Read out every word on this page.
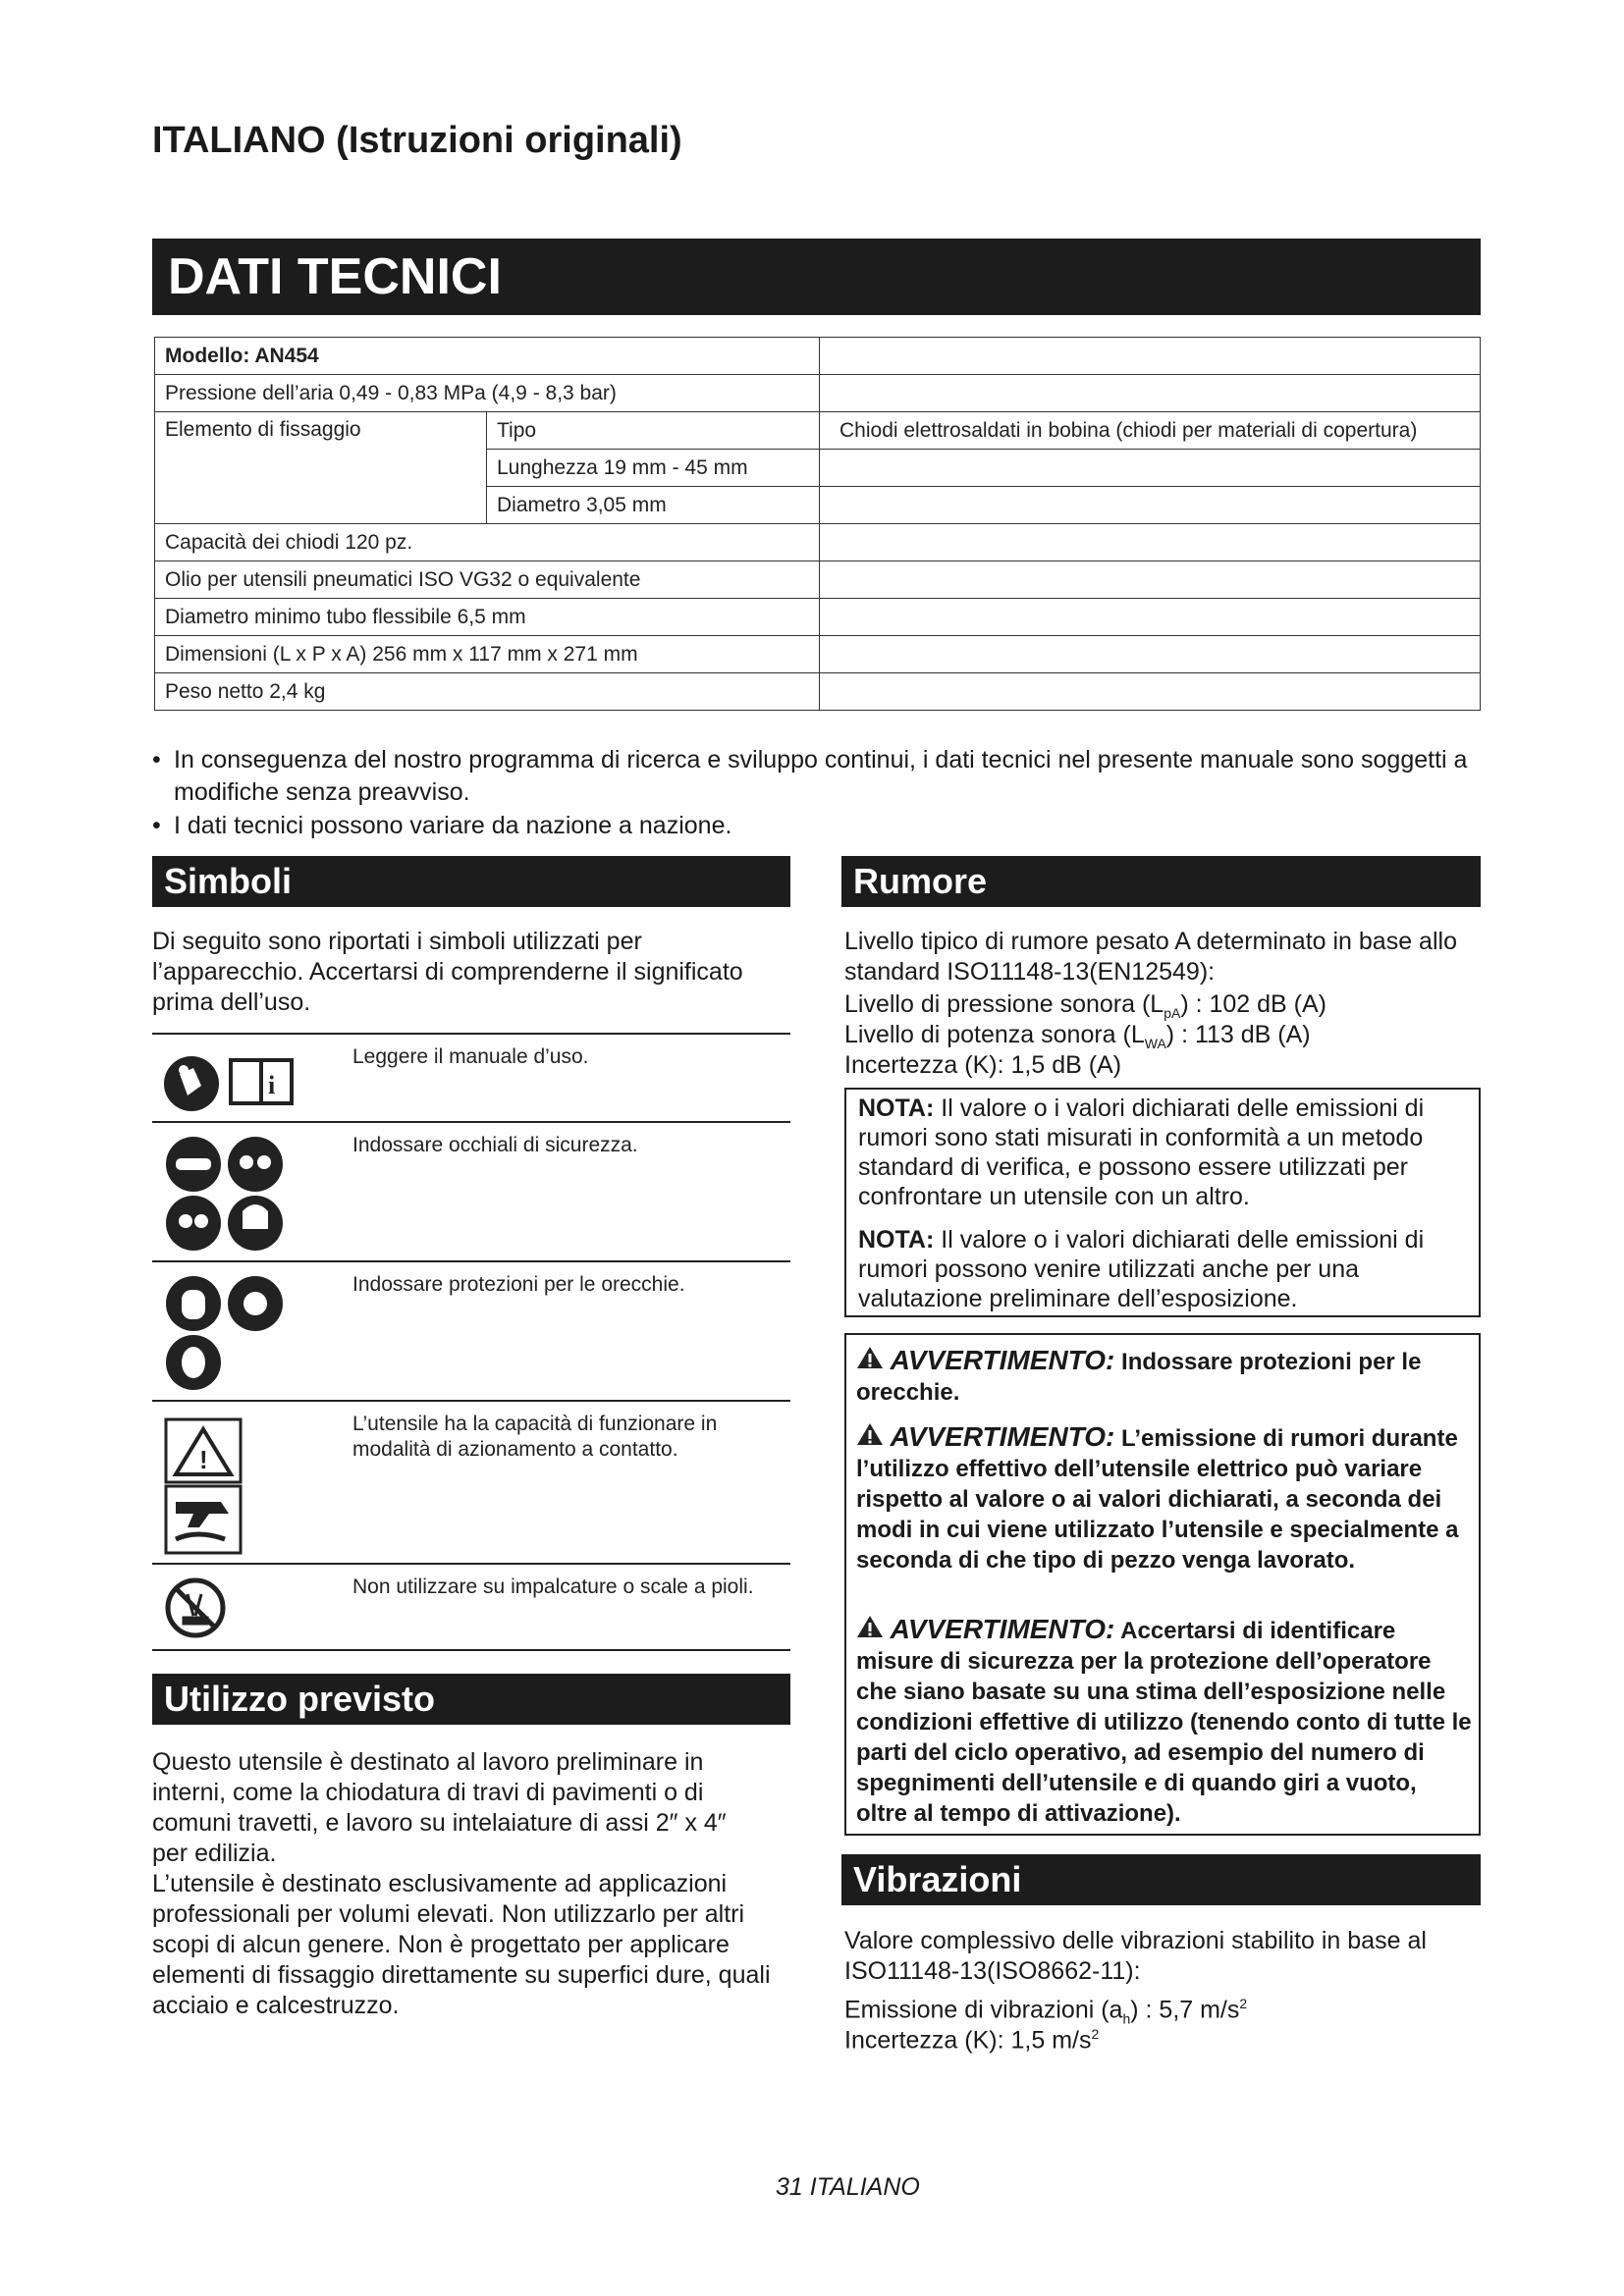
ITALIANO (Istruzioni originali)
DATI TECNICI
Modello: AN454		
Pressione dell’aria 0,49 - 0,83 MPa (4,9 - 8,3 bar)		
Elemento di fissaggio	Tipo	Chiodi elettrosaldati in bobina (chiodi per materiali di copertura)
	Lunghezza 19 mm - 45 mm	
	Diametro 3,05 mm	
Capacità dei chiodi 120 pz.		
Olio per utensili pneumatici ISO VG32 o equivalente		
Diametro minimo tubo flessibile 6,5 mm		
Dimensioni (L x P x A) 256 mm x 117 mm x 271 mm		
Peso netto 2,4 kg		
• In conseguenza del nostro programma di ricerca e sviluppo continui, i dati tecnici nel presente manuale sono soggetti a modifiche senza preavviso.
• I dati tecnici possono variare da nazione a nazione.
Simboli
Di seguito sono riportati i simboli utilizzati per l’apparecchio. Accertarsi di comprenderne il significato prima dell’uso.
i
Leggere il manuale d’uso.
Indossare occhiali di sicurezza.
Indossare protezioni per le orecchie.
!
L’utensile ha la capacità di funzionare in modalità di azionamento a contatto.
Non utilizzare su impalcature o scale a pioli.
Utilizzo previsto
Questo utensile è destinato al lavoro preliminare in interni, come la chiodatura di travi di pavimenti o di comuni travetti, e lavoro su intelaiature di assi 2″ x 4″ per edilizia.
L’utensile è destinato esclusivamente ad applicazioni professionali per volumi elevati. Non utilizzarlo per altri scopi di alcun genere. Non è progettato per applicare elementi di fissaggio direttamente su superfici dure, quali acciaio e calcestruzzo.
Rumore
Livello tipico di rumore pesato A determinato in base allo standard ISO11148-13(EN12549):
Livello di pressione sonora $(L_{pA})$ : 102 dB (A)
Livello di potenza sonora $(L_{WA})$ : 113 dB (A)
Incertezza (K): 1,5 dB (A)
NOTA: Il valore o i valori dichiarati delle emissioni di rumori sono stati misurati in conformità a un metodo standard di verifica, e possono essere utilizzati per confrontare un utensile con un altro.
NOTA: Il valore o i valori dichiarati delle emissioni di rumori possono venire utilizzati anche per una valutazione preliminare dell’esposizione.

AVVERTIMENTO: Indossare protezioni per le orecchie.

AVVERTIMENTO: L’emissione di rumori durante l’utilizzo effettivo dell’utensile elettrico può variare rispetto al valore o ai valori dichiarati, a seconda dei modi in cui viene utilizzato l’utensile e specialmente a seconda di che tipo di pezzo venga lavorato.

AVVERTIMENTO: Accertarsi di identificare misure di sicurezza per la protezione dell’operatore che siano basate su una stima dell’esposizione nelle condizioni effettive di utilizzo (tenendo conto di tutte le parti del ciclo operativo, ad esempio del numero di spegnimenti dell’utensile e di quando giri a vuoto, oltre al tempo di attivazione).

Vibrazioni
Valore complessivo delle vibrazioni stabilito in base al ISO11148-13(ISO8662-11):
Emissione di vibrazioni $(a_h)$ : 5,7 $m/s^2$
Incertezza (K): 1,5 $m/s^2$
31 ITALIANO
